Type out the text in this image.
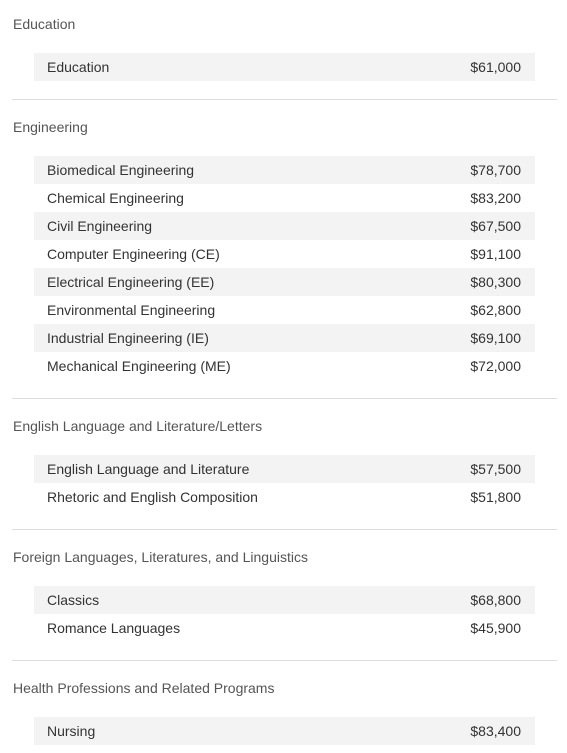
Education
Education	$61,000
Engineering
Biomedical Engineering	$78,700
Chemical Engineering	$83,200
Civil Engineering	$67,500
Computer Engineering (CE)	$91,100
Electrical Engineering (EE)	$80,300
Environmental Engineering	$62,800
Industrial Engineering (IE)	$69,100
Mechanical Engineering (ME)	$72,000
English Language and Literature/Letters
English Language and Literature	$57,500
Rhetoric and English Composition	$51,800
Foreign Languages, Literatures, and Linguistics
Classics	$68,800
Romance Languages	$45,900
Health Professions and Related Programs
Nursing	$83,400
